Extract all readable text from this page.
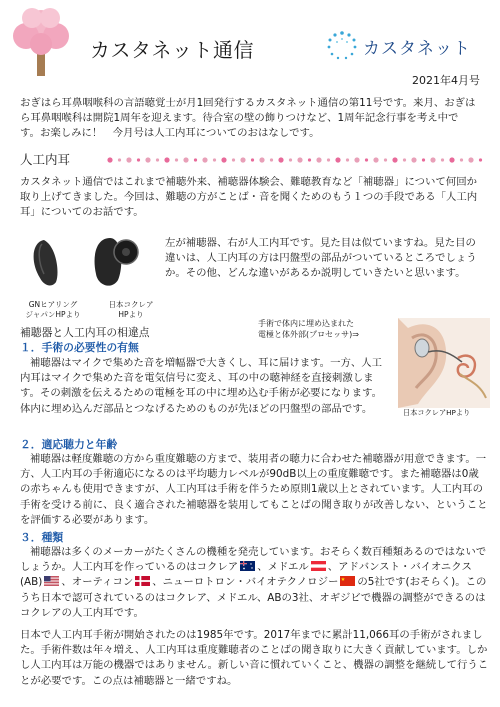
カスタネット通信	カスタネット
2021年4月号

おぎはら耳鼻咽喉科の言語聴覚士が月1回発行するカスタネット通信の第11号です。来月、おぎはら耳鼻咽喉科は開院1周年を迎えます。待合室の壁の飾りつけなど、1周年記念行事を考え中です。お楽しみに！　今月号は人工内耳についてのおはなしです。

人工内耳

カスタネット通信ではこれまで補聴外来、補聴器体験会、難聴教育など「補聴器」について何回か取り上げてきました。今回は、難聴の方がことば・音を聞くためのもう１つの手段である「人工内耳」についてのお話です。

GNヒアリング
ジャパンHPより
日本コクレア
HPより

左が補聴器、右が人工内耳です。見た目は似ていますね。見た目の違いは、人工内耳の方は円盤型の部品がついているところでしょうか。その他、どんな違いがあるか説明していきたいと思います。

補聴器と人工内耳の相違点
手術で体内に埋め込まれた
電極と体外部(プロセッサ)⇒
日本コクレアHPより
１．手術の必要性の有無

補聴器はマイクで集めた音を増幅器で大きくし、耳に届けます。一方、人工内耳はマイクで集めた音を電気信号に変え、耳の中の聴神経を直接刺激します。その刺激を伝えるための電極を耳の中に埋め込む手術が必要になります。体内に埋め込んだ部品とつなげるためのものが先ほどの円盤型の部品です。

２．適応聴力と年齢

補聴器は軽度難聴の方から重度難聴の方まで、装用者の聴力に合わせた補聴器が用意できます。一方、人工内耳の手術適応になるのは平均聴力レベルが90dB以上の重度難聴です。また補聴器は0歳の赤ちゃんも使用できますが、人工内耳は手術を伴うため原則1歳以上とされています。人工内耳の手術を受ける前に、良く適合された補聴器を装用してもことばの聞き取りが改善しない、ということを評価する必要があります。

３．種類

補聴器は多くのメーカーがたくさんの機種を発売しています。おそらく数百種類あるのではないでしょうか。人工内耳を作っているのはコクレア 、メドエル 、アドバンスト・バイオニクス(AB) 、オーティコン 、ニューロトロン・バイオテクノロジー の5社です(おそらく)。このうち日本で認可されているのはコクレア、メドエル、ABの3社、オギジビで機器の調整ができるのはコクレアの人工内耳です。

日本で人工内耳手術が開始されたのは1985年です。2017年までに累計11,066耳の手術がされました。手術件数は年々増え、人工内耳は重度難聴者のことばの聞き取りに大きく貢献しています。しかし人工内耳は万能の機器ではありません。新しい音に慣れていくこと、機器の調整を継続して行うことが必要です。この点は補聴器と一緒ですね。
